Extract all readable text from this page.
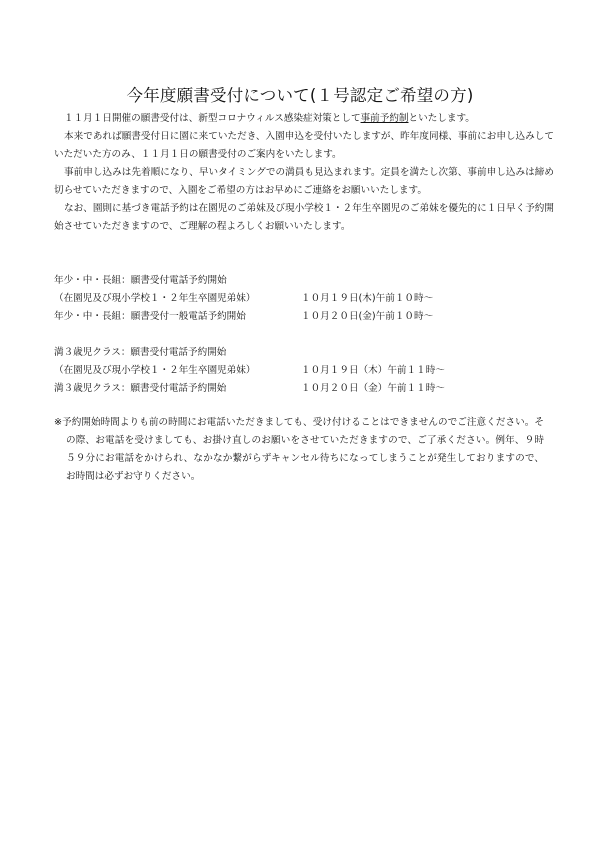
今年度願書受付について(１号認定ご希望の方)

１１月１日開催の願書受付は、新型コロナウィルス感染症対策として事前予約制といたします。

本来であれば願書受付日に園に来ていただき、入園申込を受付いたしますが、昨年度同様、事前にお申し込みしていただいた方のみ、１１月１日の願書受付のご案内をいたします。

事前申し込みは先着順になり、早いタイミングでの満員も見込まれます。定員を満たし次第、事前申し込みは締め切らせていただきますので、入園をご希望の方はお早めにご連絡をお願いいたします。

なお、園則に基づき電話予約は在園児のご弟妹及び現小学校１・２年生卒園児のご弟妹を優先的に１日早く予約開始させていただきますので、ご理解の程よろしくお願いいたします。

年少・中・長組：願書受付電話予約開始
（在園児及び現小学校１・２年生卒園児弟妹）	１０月１９日(木)午前１０時～
年少・中・長組：願書受付一般電話予約開始	１０月２０日(金)午前１０時～
満３歳児クラス：願書受付電話予約開始
（在園児及び現小学校１・２年生卒園児弟妹）	１０月１９日（木）午前１１時～
満３歳児クラス：願書受付電話予約開始	１０月２０日（金）午前１１時～
※予約開始時間よりも前の時間にお電話いただきましても、受け付けることはできませんのでご注意ください。その際、お電話を受けましても、お掛け直しのお願いをさせていただきますので、ご了承ください。例年、９時５９分にお電話をかけられ、なかなか繋がらずキャンセル待ちになってしまうことが発生しておりますので、お時間は必ずお守りください。
